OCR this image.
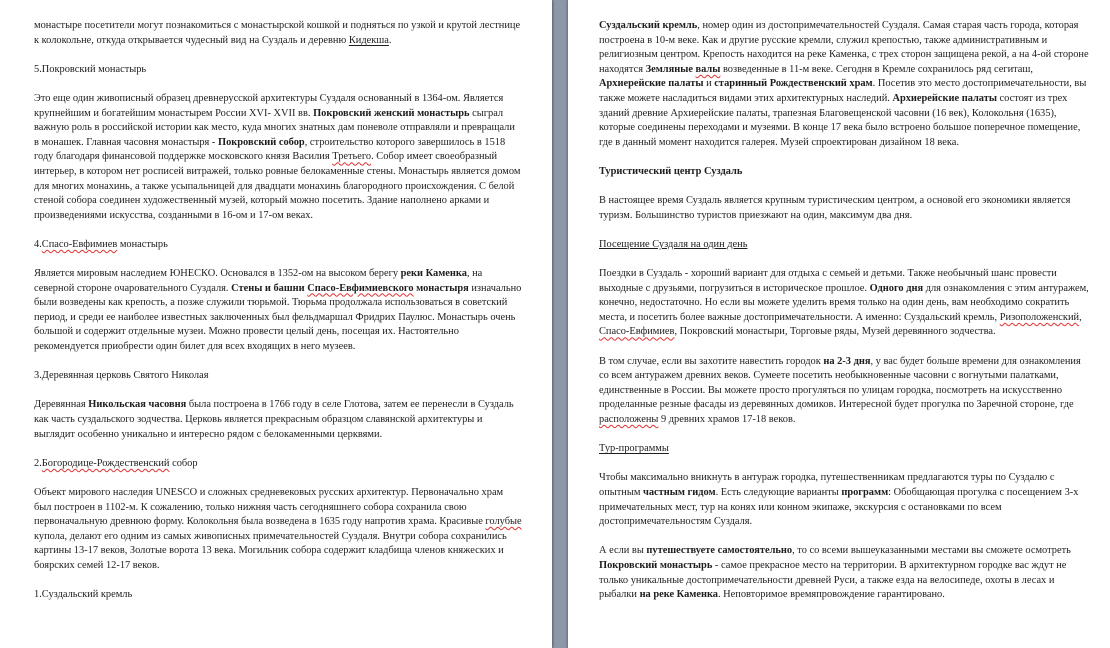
монастыре посетители могут познакомиться с монастырской кошкой и подняться по узкой и крутой лестнице к колокольне, откуда открывается чудесный вид на Суздаль и деревню Кидекша.

5.Покровский монастырь

Это еще один живописный образец древнерусской архитектуры Суздаля основанный в 1364-ом. Является крупнейшим и богатейшим монастырем России XVI- XVII вв. Покровский женский монастырь сыграл важную роль в российской истории как место, куда многих знатных дам поневоле отправляли и превращали в монашек. Главная часовня монастыря - Покровский собор, строительство которого завершилось в 1518 году благодаря финансовой поддержке московского князя Василия Третьего. Собор имеет своеобразный интерьер, в котором нет росписей витражей, только ровные белокаменные стены. Монастырь является домом для многих монахинь, а также усыпальницей для двадцати монахинь благородного происхождения. С белой стеной собора соединен художественный музей, который можно посетить. Здание наполнено арками и произведениями искусства, созданными в 16-ом и 17-ом веках.

4.Спасо-Евфимиев монастырь

Является мировым наследием ЮНЕСКО. Основался в 1352-ом на высоком берегу реки Каменка, на северной стороне очаровательного Суздаля. Стены и башни Спасо-Евфимиевского монастыря изначально были возведены как крепость, а позже служили тюрьмой. Тюрьма продолжала использоваться в советский период, и среди ее наиболее известных заключенных был фельдмаршал Фридрих Паулюс. Монастырь очень большой и содержит отдельные музеи. Можно провести целый день, посещая их. Настоятельно рекомендуется приобрести один билет для всех входящих в него музеев.

3.Деревянная церковь Святого Николая

Деревянная Никольская часовня была построена в 1766 году в селе Глотова, затем ее перенесли в Суздаль как часть суздальского зодчества. Церковь является прекрасным образцом славянской архитектуры и выглядит особенно уникально и интересно рядом с белокаменными церквями.

2.Богородице-Рождественский собор

Объект мирового наследия UNESCO и сложных средневековых русских архитектур. Первоначально храм был построен в 1102-м. К сожалению, только нижняя часть сегодняшнего собора сохранила свою первоначальную древнюю форму. Колокольня была возведена в 1635 году напротив храма. Красивые голубые купола, делают его одним из самых живописных примечательностей Суздаля. Внутри собора сохранились картины 13-17 веков, Золотые ворота 13 века. Могильник собора содержит кладбища членов княжеских и боярских семей 12-17 веков.

1.Суздальский кремль

Суздальский кремль, номер один из достопримечательностей Суздаля. Самая старая часть города, которая построена в 10-м веке. Как и другие русские кремли, служил крепостью, также административным и религиозным центром. Крепость находится на реке Каменка, с трех сторон защищена рекой, а на 4-ой стороне находятся Земляные валы возведенные в 11-м веке. Сегодня в Кремле сохранилось ряд сегиташ, Архиерейские палаты и старинный Рождественский храм. Посетив это место достопримечательности, вы также можете насладиться видами этих архитектурных наследий. Архиерейские палаты состоят из трех зданий древние Архиерейские палаты, трапезная Благовещенской часовни (16 век), Колокольня (1635), которые соединены переходами и музеями. В конце 17 века было встроено большое поперечное помещение, где в данный момент находится галерея. Музей спроектирован дизайном 18 века.

Туристический центр Суздаль

В настоящее время Суздаль является крупным туристическим центром, а основой его экономики является туризм. Большинство туристов приезжают на один, максимум два дня.

Посещение Суздаля на один день

Поездки в Суздаль - хороший вариант для отдыха с семьей и детьми. Также необычный шанс провести выходные с друзьями, погрузиться в историческое прошлое. Одного дня для ознакомления с этим антуражем, конечно, недостаточно. Но если вы можете уделить время только на один день, вам необходимо сократить места, и посетить более важные достопримечательности. А именно: Суздальский кремль, Ризоположенский, Спасо-Евфимиев, Покровский монастыри, Торговые ряды, Музей деревянного зодчества.

В том случае, если вы захотите навестить городок на 2-3 дня, у вас будет больше времени для ознакомления со всем антуражем древних веков. Сумеете посетить необыкновенные часовни с вогнутыми палатками, единственные в России. Вы можете просто прогуляться по улицам городка, посмотреть на искусственно проделанные резные фасады из деревянных домиков. Интересной будет прогулка по Заречной стороне, где расположены 9 древних храмов 17-18 веков.

Тур-программы

Чтобы максимально вникнуть в антураж городка, путешественникам предлагаются туры по Суздалю с опытным частным гидом. Есть следующие варианты программ: Обобщающая прогулка с посещением 3-х примечательных мест, тур на конях или конном экипаже, экскурсия с остановками по всем достопримечательностям Суздаля.

А если вы путешествуете самостоятельно, то со всеми вышеуказанными местами вы сможете осмотреть Покровский монастырь - самое прекрасное место на территории. В архитектурном городке вас ждут не только уникальные достопримечательности древней Руси, а также езда на велосипеде, охоты в лесах и рыбалки на реке Каменка. Неповторимое времяпровождение гарантировано.
